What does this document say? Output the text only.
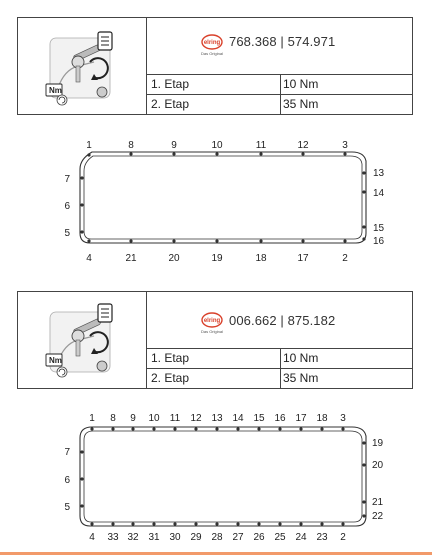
Nm
elring
Das Original
768.368 | 574.971
1. Etap	10 Nm
2. Etap	35 Nm
1	8	9	10	11	12	3
4	21	20	19	18	17	2
7
6
5
13
14
15
16
Nm
elring
Das Original
006.662 | 875.182
1. Etap	10 Nm
2. Etap	35 Nm
1 8 9 10 11 12 13 14 15 16 17 18 3
4 33 32 31 30 29 28 27 26 25 24 23 2
7
6
5
19
20
21
22
